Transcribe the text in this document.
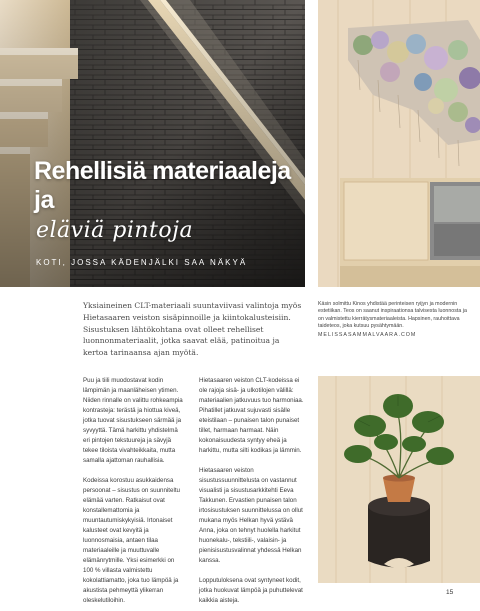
Rehellisiä materiaaleja ja
eläviä pintoja
KOTI, JOSSA KÄDENJÄLKI SAA NÄKYÄ
Yksiaineinen CLT-materiaali suuntaviivasi valintoja myös Hietasaaren veiston sisäpinnoille ja kiintokalusteisiin. Sisustuksen lähtökohtana ovat olleet rehelliset luonnonmateriaalit, jotka saavat elää, patinoitua ja kertoa tarinaansa ajan myötä.
Käsin solmittu Kinos yhdistää perinteisen ryijyn ja modernin estetiikan. Teos on saanut inspiraationsa talvisesta luonnosta ja on valmistettu kierrätysmateriaaleista. Hapsinen, rauhoittava taideteos, joka kutsuu pysähtymään.
MELISSASAMMALVAARA.COM

Puu ja tiili muodostavat kodin lämpimän ja maanläheisen ytimen. Niiden rinnalle on valittu rohkeampia kontrasteja: terästä ja hiottua kiveä, jotka tuovat sisustukseen särmää ja syvyyttä. Tämä harkittu yhdistelmä eri pintojen tekstuureja ja sävyjä tekee tiloista vivahteikkaita, mutta samalla ajattoman rauhallisia.

Kodeissa korostuu asukkaidensa persoonat – sisustus on suunniteltu elämää varten. Ratkaisut ovat konstallemattomia ja muuntautumiskykyisiä. Irtonaiset kalusteet ovat kevyitä ja luonnosmaisia, antaen tilaa materiaaleille ja muuttuvalle elämänrytmille. Yksi esimerkki on 100 % villasta valmistettu kokolattiamatto, joka tuo lämpöä ja akustista pehmeyttä ylikerran oleskelutiloihin.

Hietasaaren veiston CLT-kodeissa ei ole rajoja sisä- ja ulkotilojen välillä: materiaalien jatkuvuus tuo harmoniaa. Pihatillet jatkuvat sujuvasti sisälle eteistilaan – punaisen talon punaiset tillet, harmaan harmaat. Näin kokonaisuudesta syntyy eheä ja harkittu, mutta silti kodikas ja lämmin.

Hietasaaren veiston sisustussuunnittelusta on vastannut visualisti ja sisustusarkkitehti Eeva Takkunen. Ervastien punaisen talon irtosisustuksen suunnittelussa on ollut mukana myös Helkan hyvä ystävä Anna, joka on tehnyt huolella harkitut huonekalu-, tekstiili-, valaisin- ja pienisisustusvalinnat yhdessä Helkan kanssa.

Lopputuloksena ovat syntyneet kodit, jotka huokuvat lämpöä ja puhuttelevat kaikkia aisteja.

15
